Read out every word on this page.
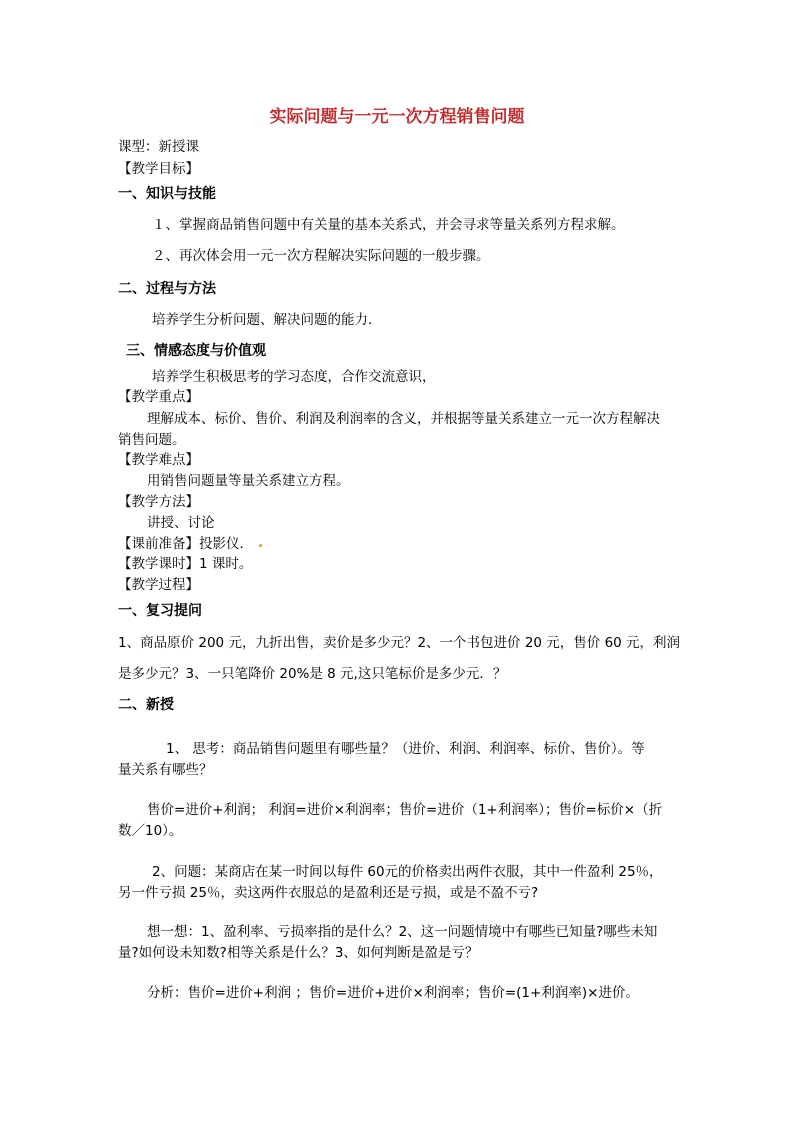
实际问题与一元一次方程销售问题
课型：新授课
【教学目标】
一、知识与技能
１、掌握商品销售问题中有关量的基本关系式，并会寻求等量关系列方程求解。
２、再次体会用一元一次方程解决实际问题的一般步骤。
二、过程与方法
培养学生分析问题、解决问题的能力．
三、情感态度与价值观
培养学生积极思考的学习态度，合作交流意识，
【教学重点】
理解成本、标价、售价、利润及利润率的含义，并根据等量关系建立一元一次方程解决
销售问题。
【教学难点】
用销售问题量等量关系建立方程。
【教学方法】
讲授、讨论
【课前准备】投影仪．
【教学课时】1 课时。
【教学过程】
一、复习提问
1、商品原价 200 元，九折出售，卖价是多少元？2、一个书包进价 20 元，售价 60 元，利润
是多少元？3、一只笔降价 20%是 8 元,这只笔标价是多少元．？
二、新授
1、 思考：商品销售问题里有哪些量？（进价、利润、利润率、标价、售价）。等
量关系有哪些？
售价=进价+利润； 利润=进价×利润率；售价=进价（1+利润率）；售价=标价×（折
数／10）。
2、问题：某商店在某一时间以每件 60元的价格卖出两件衣服，其中一件盈利 25％，
另一件亏损 25％，卖这两件衣服总的是盈利还是亏损，或是不盈不亏?
想一想：1、盈利率、亏损率指的是什么？2、这一问题情境中有哪些已知量?哪些未知
量?如何设未知数?相等关系是什么？3、如何判断是盈是亏？
分析：售价=进价+利润 ；售价=进价+进价×利润率；售价=(1+利润率)×进价。
